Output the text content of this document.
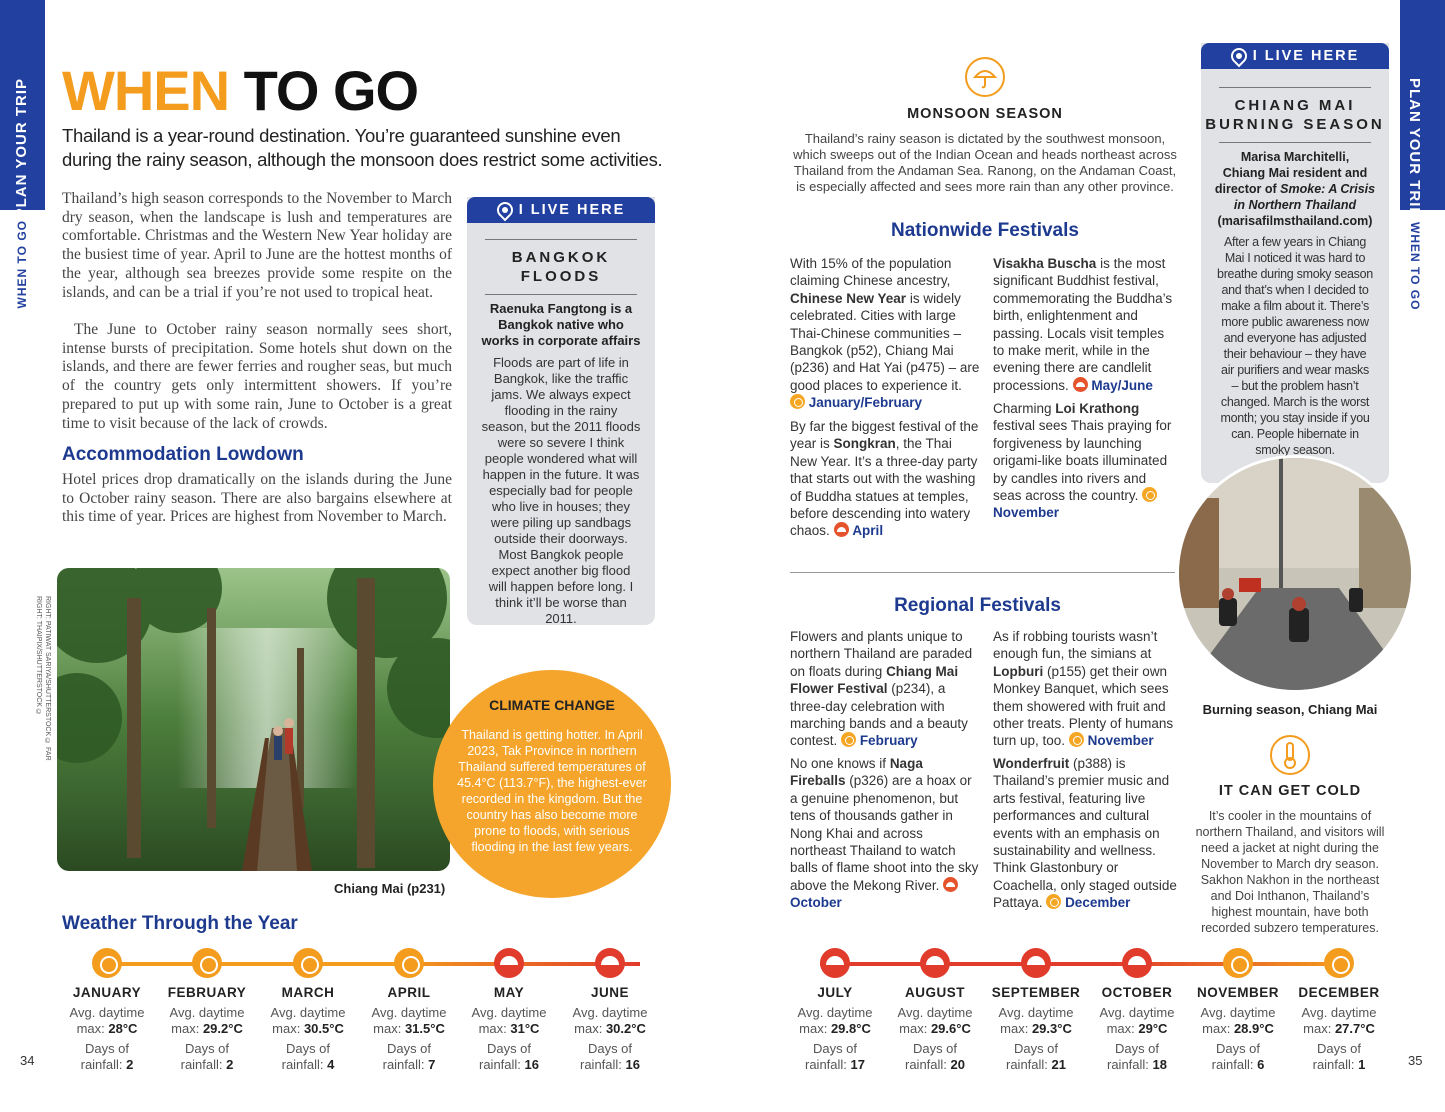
PLAN YOUR TRIP
WHEN TO GO
PLAN YOUR TRIP
WHEN TO GO
WHEN TO GO
Thailand is a year-round destination. You’re guaranteed sunshine even during the rainy season, although the monsoon does restrict some activities.
Thailand’s high season corresponds to the November to March dry season, when the landscape is lush and temperatures are comfortable. Christmas and the Western New Year holiday are the busiest time of year. April to June are the hottest months of the year, although sea breezes provide some respite on the islands, and can be a trial if you’re not used to tropical heat.
The June to October rainy season normally sees short, intense bursts of precipitation. Some hotels shut down on the islands, and there are fewer ferries and rougher seas, but much of the country gets only intermittent showers. If you’re prepared to put up with some rain, June to October is a great time to visit because of the lack of crowds.
Accommodation Lowdown
Hotel prices drop dramatically on the islands during the June to October rainy season. There are also bargains elsewhere at this time of year. Prices are highest from November to March.
I LIVE HERE
BANGKOK
FLOODS
Raenuka Fangtong is a Bangkok native who works in corporate affairs
Floods are part of life in Bangkok, like the traffic jams. We always expect flooding in the rainy season, but the 2011 floods were so severe I think people wondered what will happen in the future. It was especially bad for people who live in houses; they were piling up sandbags outside their doorways. Most Bangkok people expect another big flood will happen before long. I think it’ll be worse than 2011.
RIGHT: PATIWAT SARIYA/SHUTTERSTOCK © FAR RIGHT: THAIPIX/SHUTTERSTOCK ©
Chiang Mai (p231)
CLIMATE CHANGE
Thailand is getting hotter. In April 2023, Tak Province in northern Thailand suffered temperatures of 45.4°C (113.7°F), the highest-ever recorded in the kingdom. But the country has also become more prone to floods, with serious flooding in the last few years.
MONSOON SEASON
Thailand’s rainy season is dictated by the southwest monsoon, which sweeps out of the Indian Ocean and heads northeast across Thailand from the Andaman Sea. Ranong, on the Andaman Coast, is especially affected and sees more rain than any other province.
Nationwide Festivals
With 15% of the population claiming Chinese ancestry, Chinese New Year is widely celebrated. Cities with large Thai-Chinese communities – Bangkok (p52), Chiang Mai (p236) and Hat Yai (p475) – are good places to experience it.  January/February
By far the biggest festival of the year is Songkran, the Thai New Year. It’s a three-day party that starts out with the washing of Buddha statues at temples, before descending into watery chaos. April
Visakha Buscha is the most significant Buddhist festival, commemorating the Buddha’s birth, enlightenment and passing. Locals visit temples to make merit, while in the evening there are candlelit processions. May/June
Charming Loi Krathong festival sees Thais praying for forgiveness by launching origami-like boats illuminated by candles into rivers and seas across the country.  November
Regional Festivals
Flowers and plants unique to northern Thailand are paraded on floats during Chiang Mai Flower Festival (p234), a three-day celebration with marching bands and a beauty contest. February
No one knows if Naga Fireballs (p326) are a hoax or a genuine phenomenon, but tens of thousands gather in Nong Khai and across northeast Thailand to watch balls of flame shoot into the sky above the Mekong River.  October
As if robbing tourists wasn’t enough fun, the simians at Lopburi (p155) get their own Monkey Banquet, which sees them showered with fruit and other treats. Plenty of humans turn up, too. November
Wonderfruit (p388) is Thailand’s premier music and arts festival, featuring live performances and cultural events with an emphasis on sustainability and wellness. Think Glastonbury or Coachella, only staged outside Pattaya. December
I LIVE HERE
CHIANG MAI
BURNING SEASON
Marisa Marchitelli,
Chiang Mai resident and
director of Smoke: A Crisis
in Northern Thailand
(marisafilmsthailand.com)
After a few years in Chiang Mai I noticed it was hard to breathe during smoky season and that’s when I decided to make a film about it. There’s more public awareness now and everyone has adjusted their behaviour – they have air purifiers and wear masks – but the problem hasn’t changed. March is the worst month; you stay inside if you can. People hibernate in smoky season.
Burning season, Chiang Mai
IT CAN GET COLD
It’s cooler in the mountains of northern Thailand, and visitors will need a jacket at night during the November to March dry season. Sakhon Nakhon in the northeast and Doi Inthanon, Thailand’s highest mountain, have both recorded subzero temperatures.
Weather Through the Year
JANUARY
Avg. daytime
max: 28°C
Days of
rainfall: 2
FEBRUARY
Avg. daytime
max: 29.2°C
Days of
rainfall: 2
MARCH
Avg. daytime
max: 30.5°C
Days of
rainfall: 4
APRIL
Avg. daytime
max: 31.5°C
Days of
rainfall: 7
MAY
Avg. daytime
max: 31°C
Days of
rainfall: 16
JUNE
Avg. daytime
max: 30.2°C
Days of
rainfall: 16
JULY
Avg. daytime
max: 29.8°C
Days of
rainfall: 17
AUGUST
Avg. daytime
max: 29.6°C
Days of
rainfall: 20
SEPTEMBER
Avg. daytime
max: 29.3°C
Days of
rainfall: 21
OCTOBER
Avg. daytime
max: 29°C
Days of
rainfall: 18
NOVEMBER
Avg. daytime
max: 28.9°C
Days of
rainfall: 6
DECEMBER
Avg. daytime
max: 27.7°C
Days of
rainfall: 1
34	35
